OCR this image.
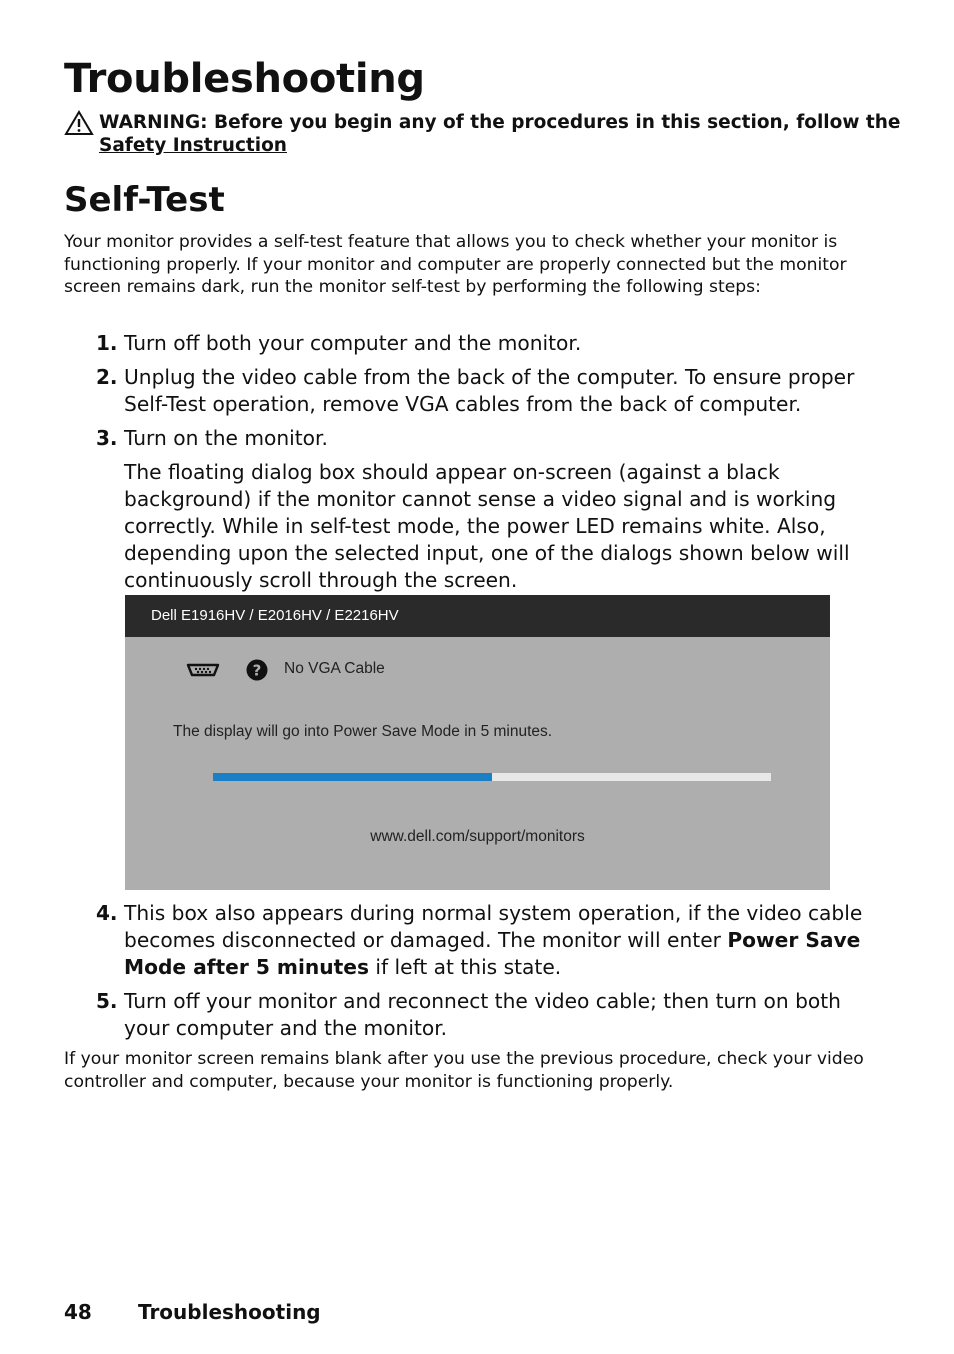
Troubleshooting
WARNING: Before you begin any of the procedures in this section, follow the
Safety Instruction
Self-Test
Your monitor provides a self-test feature that allows you to check whether your monitor is functioning properly. If your monitor and computer are properly connected but the monitor screen remains dark, run the monitor self-test by performing the following steps:
1. Turn off both your computer and the monitor.
2. Unplug the video cable from the back of the computer. To ensure proper
Self-Test operation, remove VGA cables from the back of computer.
3. Turn on the monitor.
The floating dialog box should appear on-screen (against a black
background) if the monitor cannot sense a video signal and is working
correctly. While in self-test mode, the power LED remains white. Also,
depending upon the selected input, one of the dialogs shown below will
continuously scroll through the screen.
Dell E1916HV / E2016HV / E2216HV
? No VGA Cable
The display will go into Power Save Mode in 5 minutes.
www.dell.com/support/monitors
4. This box also appears during normal system operation, if the video cable
becomes disconnected or damaged. The monitor will enter Power Save
Mode after 5 minutes if left at this state.
5. Turn off your monitor and reconnect the video cable; then turn on both
your computer and the monitor.
If your monitor screen remains blank after you use the previous procedure, check your video controller and computer, because your monitor is functioning properly.
48 Troubleshooting
